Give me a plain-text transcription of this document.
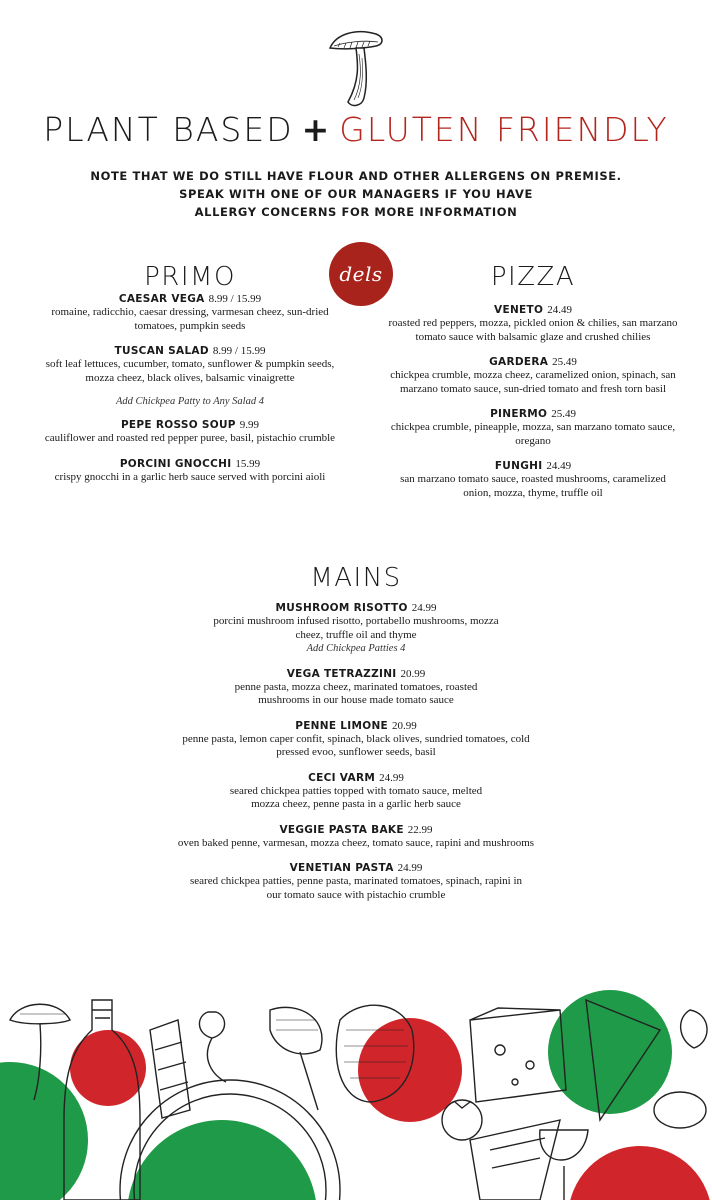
PLANT BASED + GLUTEN FRIENDLY
NOTE THAT WE DO STILL HAVE FLOUR AND OTHER ALLERGENS ON PREMISE.
SPEAK WITH ONE OF OUR MANAGERS IF YOU HAVE
ALLERGY CONCERNS FOR MORE INFORMATION
dels
PRIMO
CAESAR VEGA 8.99 / 15.99
romaine, radicchio, caesar dressing, varmesan cheez, sun-dried tomatoes, pumpkin seeds
TUSCAN SALAD 8.99 / 15.99
soft leaf lettuces, cucumber, tomato, sunflower & pumpkin seeds, mozza cheez, black olives, balsamic vinaigrette
Add Chickpea Patty to Any Salad 4
PEPE ROSSO SOUP 9.99
cauliflower and roasted red pepper puree, basil, pistachio crumble
PORCINI GNOCCHI 15.99
crispy gnocchi in a garlic herb sauce served with porcini aioli
PIZZA
VENETO 24.49
roasted red peppers, mozza, pickled onion & chilies, san marzano tomato sauce with balsamic glaze and crushed chilies
GARDERA 25.49
chickpea crumble, mozza cheez, caramelized onion, spinach, san marzano tomato sauce, sun-dried tomato and fresh torn basil
PINERMO 25.49
chickpea crumble, pineapple, mozza, san marzano tomato sauce, oregano
FUNGHI 24.49
san marzano tomato sauce, roasted mushrooms, caramelized onion, mozza, thyme, truffle oil
MAINS
MUSHROOM RISOTTO 24.99
porcini mushroom infused risotto, portabello mushrooms, mozza cheez, truffle oil and thyme
Add Chickpea Patties 4
VEGA TETRAZZINI 20.99
penne pasta, mozza cheez, marinated tomatoes, roasted mushrooms in our house made tomato sauce
PENNE LIMONE 20.99
penne pasta, lemon caper confit, spinach, black olives, sundried tomatoes, cold pressed evoo, sunflower seeds, basil
CECI VARM 24.99
seared chickpea patties topped with tomato sauce, melted mozza cheez, penne pasta in a garlic herb sauce
VEGGIE PASTA BAKE 22.99
oven baked penne, varmesan, mozza cheez, tomato sauce, rapini and mushrooms
VENETIAN PASTA 24.99
seared chickpea patties, penne pasta, marinated tomatoes, spinach, rapini in our tomato sauce with pistachio crumble
